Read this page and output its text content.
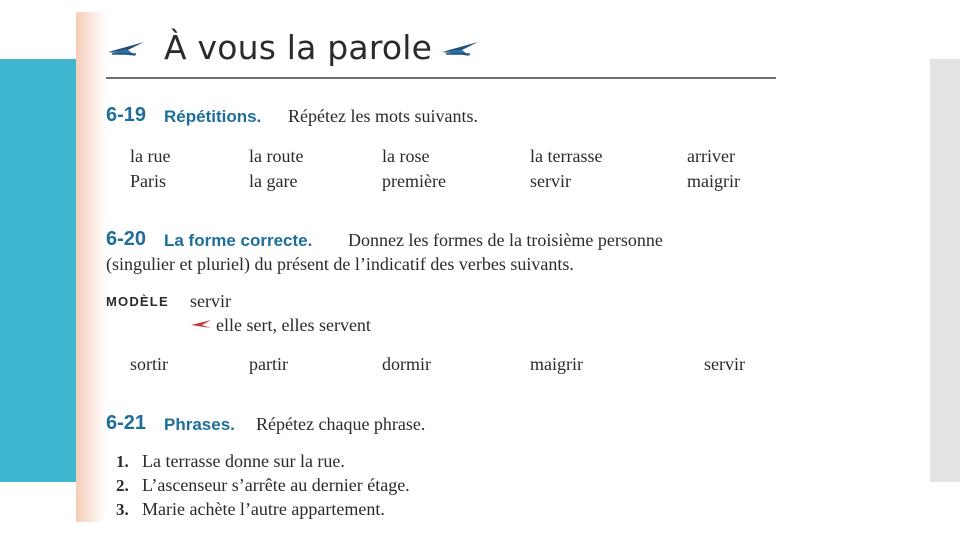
À vous la parole
6-19 Répétitions. Répétez les mots suivants.
la rue	la route	la rose	la terrasse	arriver
Paris	la gare	première	servir	maigrir
6-20 La forme correcte. Donnez les formes de la troisième personne
(singulier et pluriel) du présent de l’indicatif des verbes suivants.
MODÈLE servir
elle sert, elles servent
sortir	partir	dormir	maigrir	servir
6-21 Phrases. Répétez chaque phrase.
1. La terrasse donne sur la rue.
2. L’ascenseur s’arrête au dernier étage.
3. Marie achète l’autre appartement.
